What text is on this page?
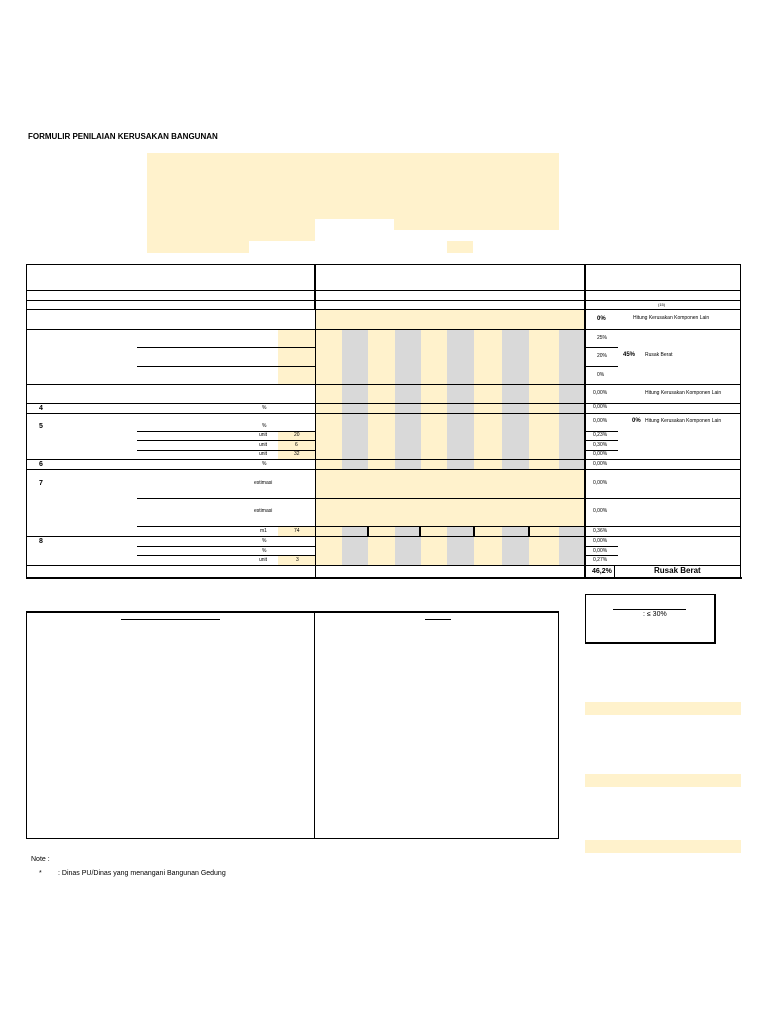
FORMULIR PENILAIAN KERUSAKAN BANGUNAN
(15)
0%	Hitung Kerusakan Komponen Lain
25%
20%	45% Rusak Berat
0%
0,00%	Hitung Kerusakan Komponen Lain
4	%	0,00%
5	%
0,00%	0% Hitung Kerusakan Komponen Lain
unit	20	0,23%
unit	6	0,30%
unit	32	0,00%
6	%	0,00%
7	estimasi	0,00%
estimasi	0,00%
m1	74	0,36%
8	%	0,00%
%	0,00%
unit	3	0,27%
46,2%	Rusak Berat
: ≤ 30%
Note :
* : Dinas PU/Dinas yang menangani Bangunan Gedung
